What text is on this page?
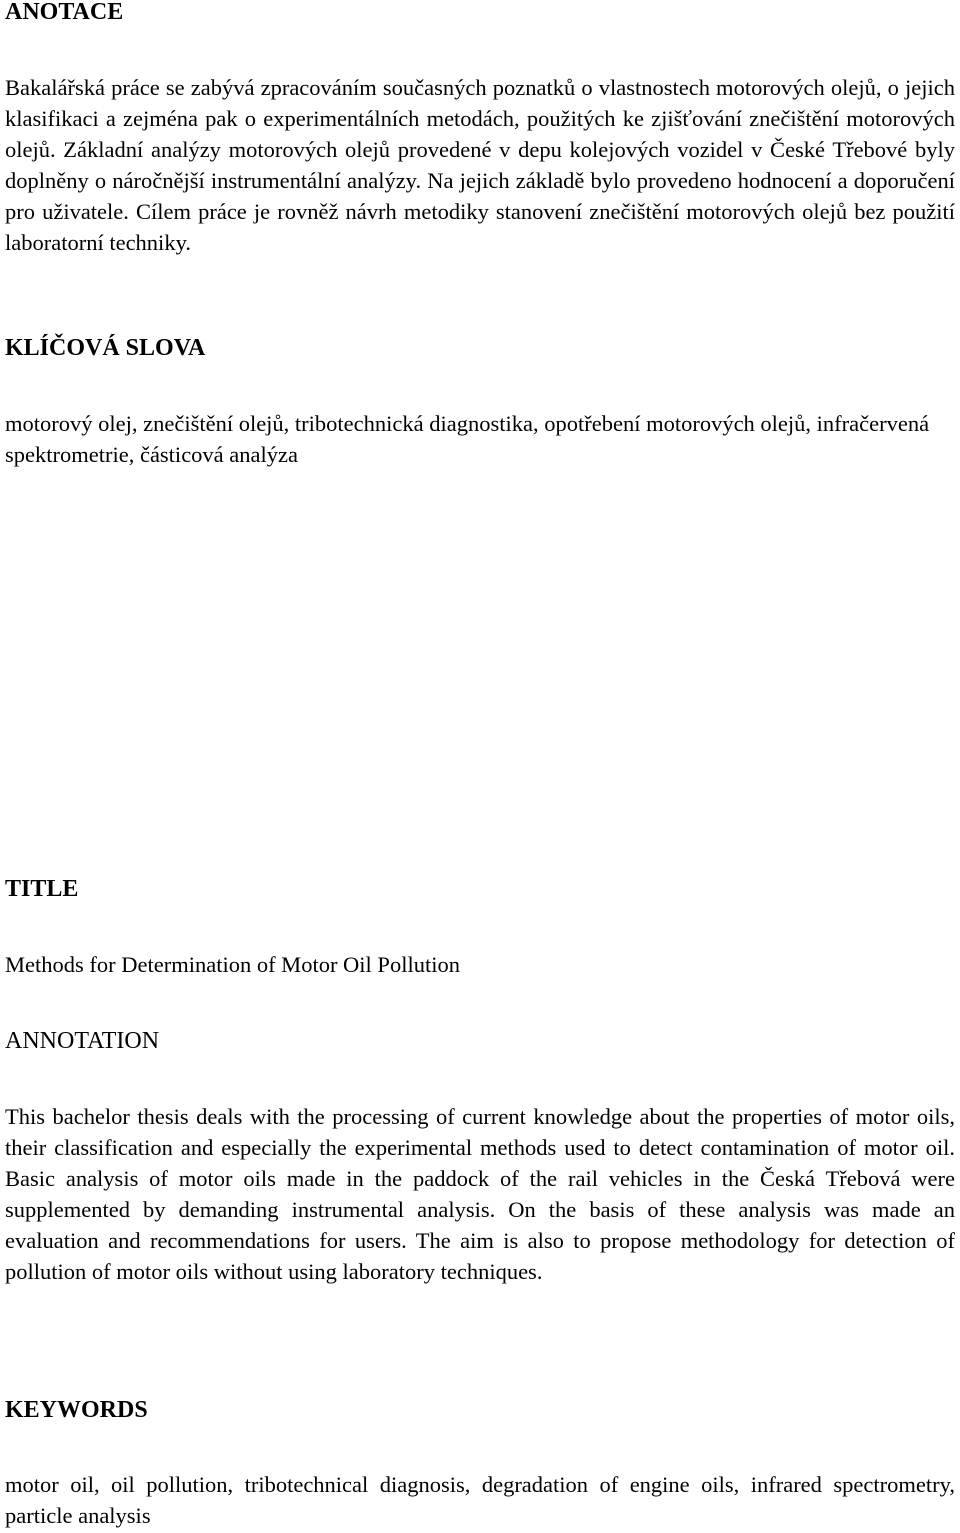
ANOTACE

Bakalářská práce se zabývá zpracováním současných poznatků o vlastnostech motorových olejů, o jejich klasifikaci a zejména pak o experimentálních metodách, použitých ke zjišťování znečištění motorových olejů. Základní analýzy motorových olejů provedené v depu kolejových vozidel v České Třebové byly doplněny o náročnější instrumentální analýzy. Na jejich základě bylo provedeno hodnocení a doporučení pro uživatele. Cílem práce je rovněž návrh metodiky stanovení znečištění motorových olejů bez použití laboratorní techniky.

KLÍČOVÁ SLOVA

motorový olej, znečištění olejů, tribotechnická diagnostika, opotřebení motorových olejů, infračervená spektrometrie, částicová analýza

TITLE

Methods for Determination of Motor Oil Pollution

ANNOTATION

This bachelor thesis deals with the processing of current knowledge about the properties of motor oils, their classification and especially the experimental methods used to detect contamination of motor oil. Basic analysis of motor oils made in the paddock of the rail vehicles in the Česká Třebová were supplemented by demanding instrumental analysis. On the basis of these analysis was made an evaluation and recommendations for users. The aim is also to propose methodology for detection of pollution of motor oils without using laboratory techniques.

KEYWORDS

motor oil, oil pollution, tribotechnical diagnosis, degradation of engine oils, infrared spectrometry, particle analysis
